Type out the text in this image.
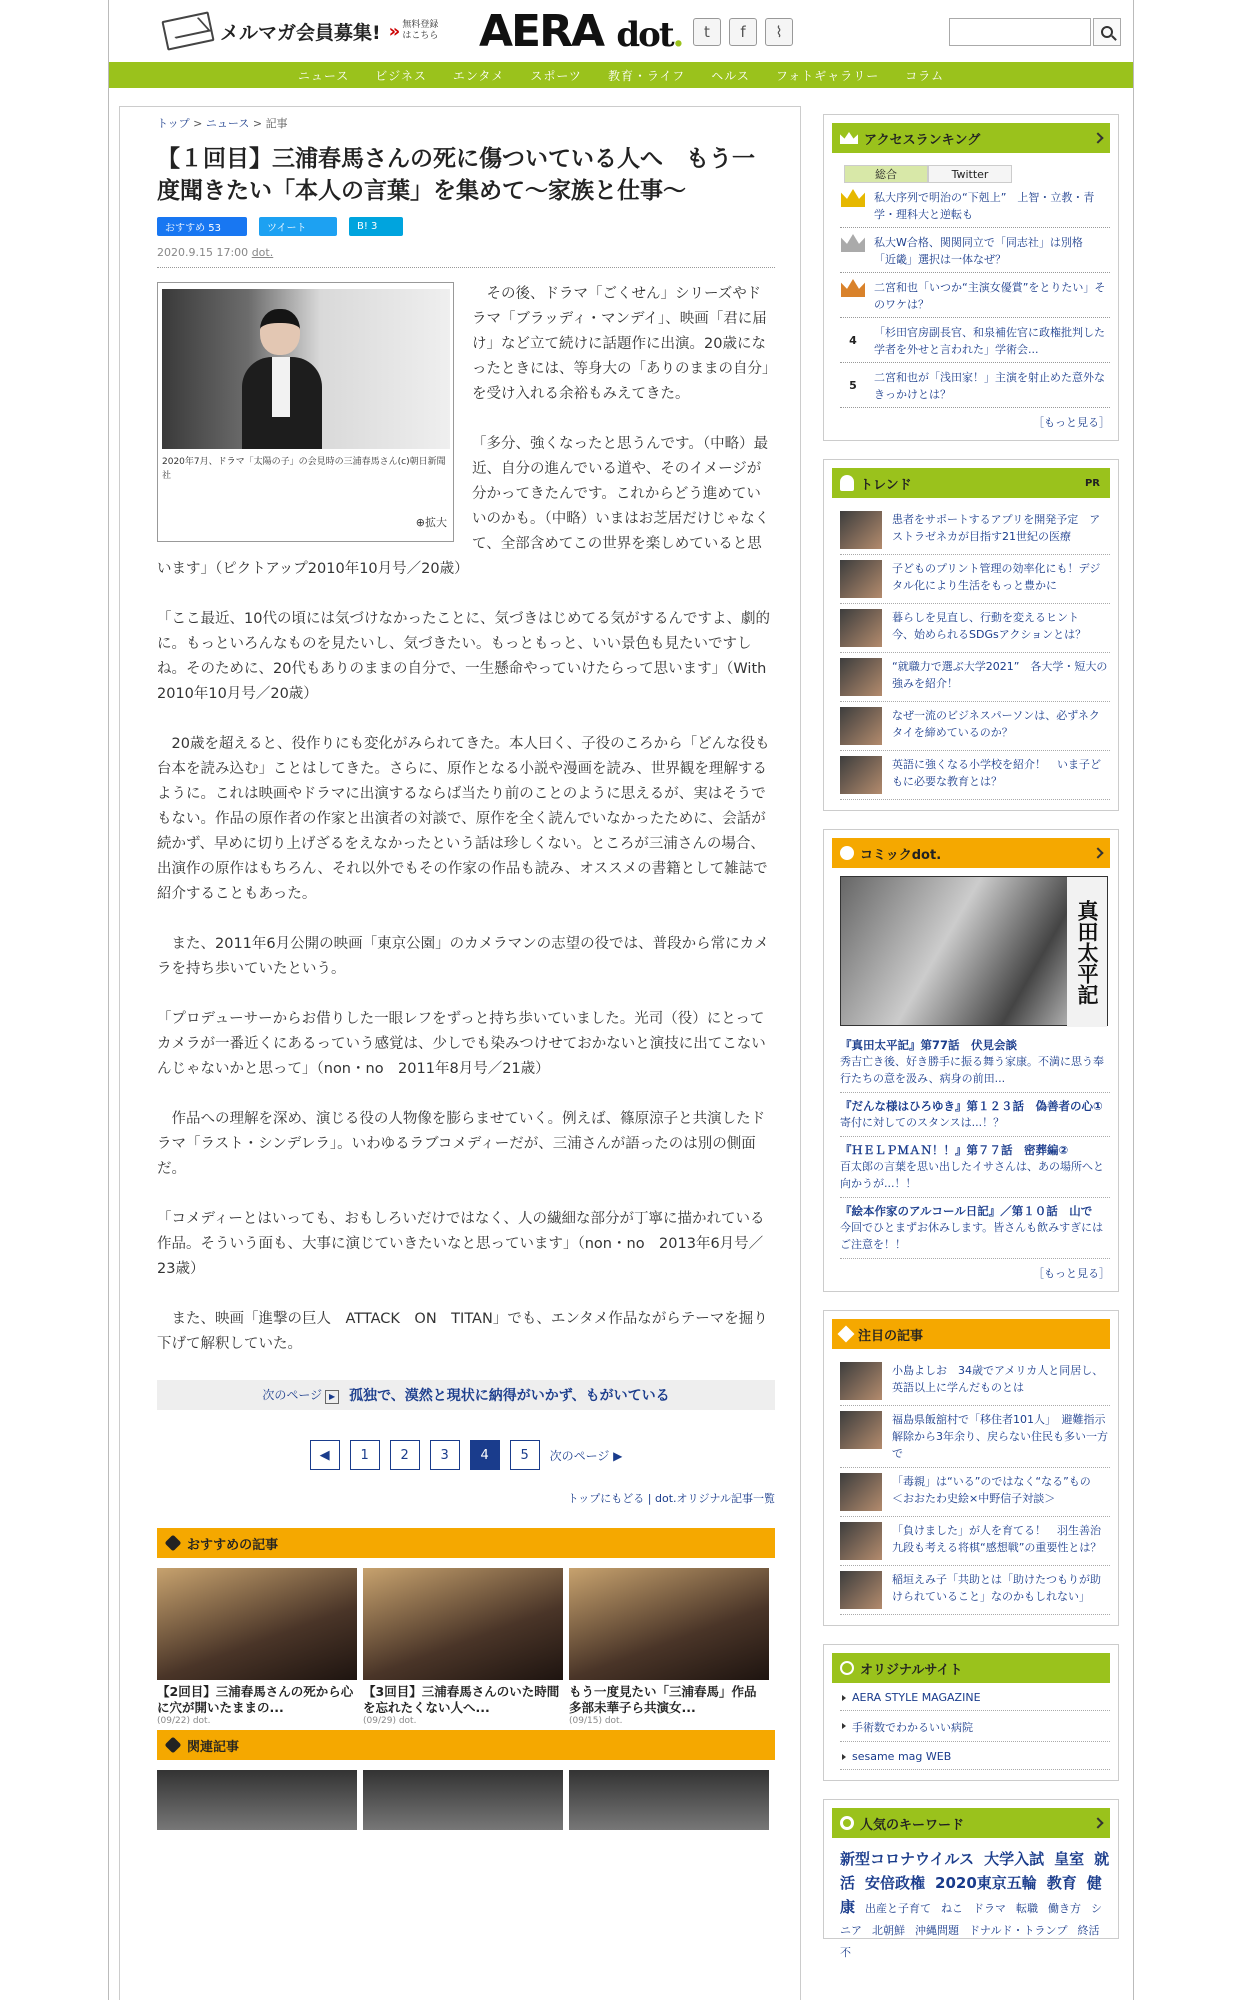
メルマガ会員募集! » 無料登録はこちら AERA dot.	t	f	⌇
ニュース ビジネス エンタメ スポーツ 教育・ライフ ヘルス フォトギャラリー コラム
トップ > ニュース > 記事
【１回目】三浦春馬さんの死に傷ついている人へ　もう一度聞きたい「本人の言葉」を集めて～家族と仕事～
おすすめ 53	ツイート	B! 3
2020.9.15 17:00 dot.
2020年7月、ドラマ「太陽の子」の会見時の三浦春馬さん(c)朝日新聞社
⊕拡大

　その後、ドラマ「ごくせん」シリーズやドラマ「ブラッディ・マンデイ」、映画「君に届け」など立て続けに話題作に出演。20歳になったときには、等身大の「ありのままの自分」を受け入れる余裕もみえてきた。

「多分、強くなったと思うんです。（中略）最近、自分の進んでいる道や、そのイメージが分かってきたんです。これからどう進めていいのかも。（中略）いまはお芝居だけじゃなくて、全部含めてこの世界を楽しめていると思います」（ピクトアップ2010年10月号／20歳）

「ここ最近、10代の頃には気づけなかったことに、気づきはじめてる気がするんですよ、劇的に。もっといろんなものを見たいし、気づきたい。もっともっと、いい景色も見たいですしね。そのために、20代もありのままの自分で、一生懸命やっていけたらって思います」（With　2010年10月号／20歳）

　20歳を超えると、役作りにも変化がみられてきた。本人曰く、子役のころから「どんな役も台本を読み込む」ことはしてきた。さらに、原作となる小説や漫画を読み、世界観を理解するように。これは映画やドラマに出演するならば当たり前のことのように思えるが、実はそうでもない。作品の原作者の作家と出演者の対談で、原作を全く読んでいなかったために、会話が続かず、早めに切り上げざるをえなかったという話は珍しくない。ところが三浦さんの場合、出演作の原作はもちろん、それ以外でもその作家の作品も読み、オススメの書籍として雑誌で紹介することもあった。

　また、2011年6月公開の映画「東京公園」のカメラマンの志望の役では、普段から常にカメラを持ち歩いていたという。

「プロデューサーからお借りした一眼レフをずっと持ち歩いていました。光司（役）にとってカメラが一番近くにあるっていう感覚は、少しでも染みつけせておかないと演技に出てこないんじゃないかと思って」（non・no　2011年8月号／21歳）

　作品への理解を深め、演じる役の人物像を膨らませていく。例えば、篠原涼子と共演したドラマ「ラスト・シンデレラ」。いわゆるラブコメディーだが、三浦さんが語ったのは別の側面だ。

「コメディーとはいっても、おもしろいだけではなく、人の繊細な部分が丁寧に描かれている作品。そういう面も、大事に演じていきたいなと思っています」（non・no　2013年6月号／23歳）

　また、映画「進撃の巨人　ATTACK　ON　TITAN」でも、エンタメ作品ながらテーマを掘り下げて解釈していた。

次のページ ▶ 孤独で、漠然と現状に納得がいかず、もがいている
◀	1	2	3	4	5	次のページ ▶
トップにもどる | dot.オリジナル記事一覧
おすすめの記事
【2回目】三浦春馬さんの死から心に穴が開いたままの...
(09/22) dot.
【3回目】三浦春馬さんのいた時間を忘れたくない人へ...
(09/29) dot.
もう一度見たい「三浦春馬」作品　多部未華子ら共演女...
(09/15) dot.
関連記事
アクセスランキング
総合	Twitter
私大序列で明治の“下剋上”　上智・立教・青学・理科大と逆転も
私大W合格、関関同立で「同志社」は別格　「近畿」選択は一体なぜ？
二宮和也「いつか“主演女優賞”をとりたい」そのワケは？
4
「杉田官房副長官、和泉補佐官に政権批判した学者を外せと言われた」学術会...
5
二宮和也が「浅田家！」主演を射止めた意外なきっかけとは？
［もっと見る］
トレンド	PR
患者をサポートするアプリを開発予定　アストラゼネカが目指す21世紀の医療
子どものプリント管理の効率化にも！デジタル化により生活をもっと豊かに
暮らしを見直し、行動を変えるヒント　今、始められるSDGsアクションとは？
“就職力で選ぶ大学2021”　各大学・短大の強みを紹介！
なぜ一流のビジネスパーソンは、必ずネクタイを締めているのか？
英語に強くなる小学校を紹介！　いま子どもに必要な教育とは？
コミックdot.
真田太平記
『真田太平記』第77話　伏見会談
秀吉亡き後、好き勝手に振る舞う家康。不満に思う奉行たちの意を汲み、病身の前田...
『だんな様はひろゆき』第１２３話　偽善者の心①
寄付に対してのスタンスは...！？
『ＨＥＬＰＭＡＮ！！』第７７話　密葬編②
百太郎の言葉を思い出したイサさんは、あの場所へと向かうが...！！
『絵本作家のアルコール日記』／第１０話　山で
今回でひとまずお休みします。皆さんも飲みすぎにはご注意を！！
［もっと見る］
注目の記事
小島よしお　34歳でアメリカ人と同居し、英語以上に学んだものとは
福島県飯舘村で「移住者101人」　避難指示解除から3年余り、戻らない住民も多い一方で
「毒親」は“いる”のではなく“なる”もの　＜おおたわ史絵×中野信子対談＞
「負けました」が人を育てる！　羽生善治九段も考える将棋“感想戦”の重要性とは？
稲垣えみ子「共助とは「助けたつもりが助けられていること」なのかもしれない」
オリジナルサイト
AERA STYLE MAGAZINE
手術数でわかるいい病院
sesame mag WEB
人気のキーワード
新型コロナウイルス 大学入試 皇室 就活 安倍政権 2020東京五輪 教育 健康 出産と子育て ねこ ドラマ 転職 働き方 シニア 北朝鮮 沖縄問題 ドナルド・トランプ 終活不
